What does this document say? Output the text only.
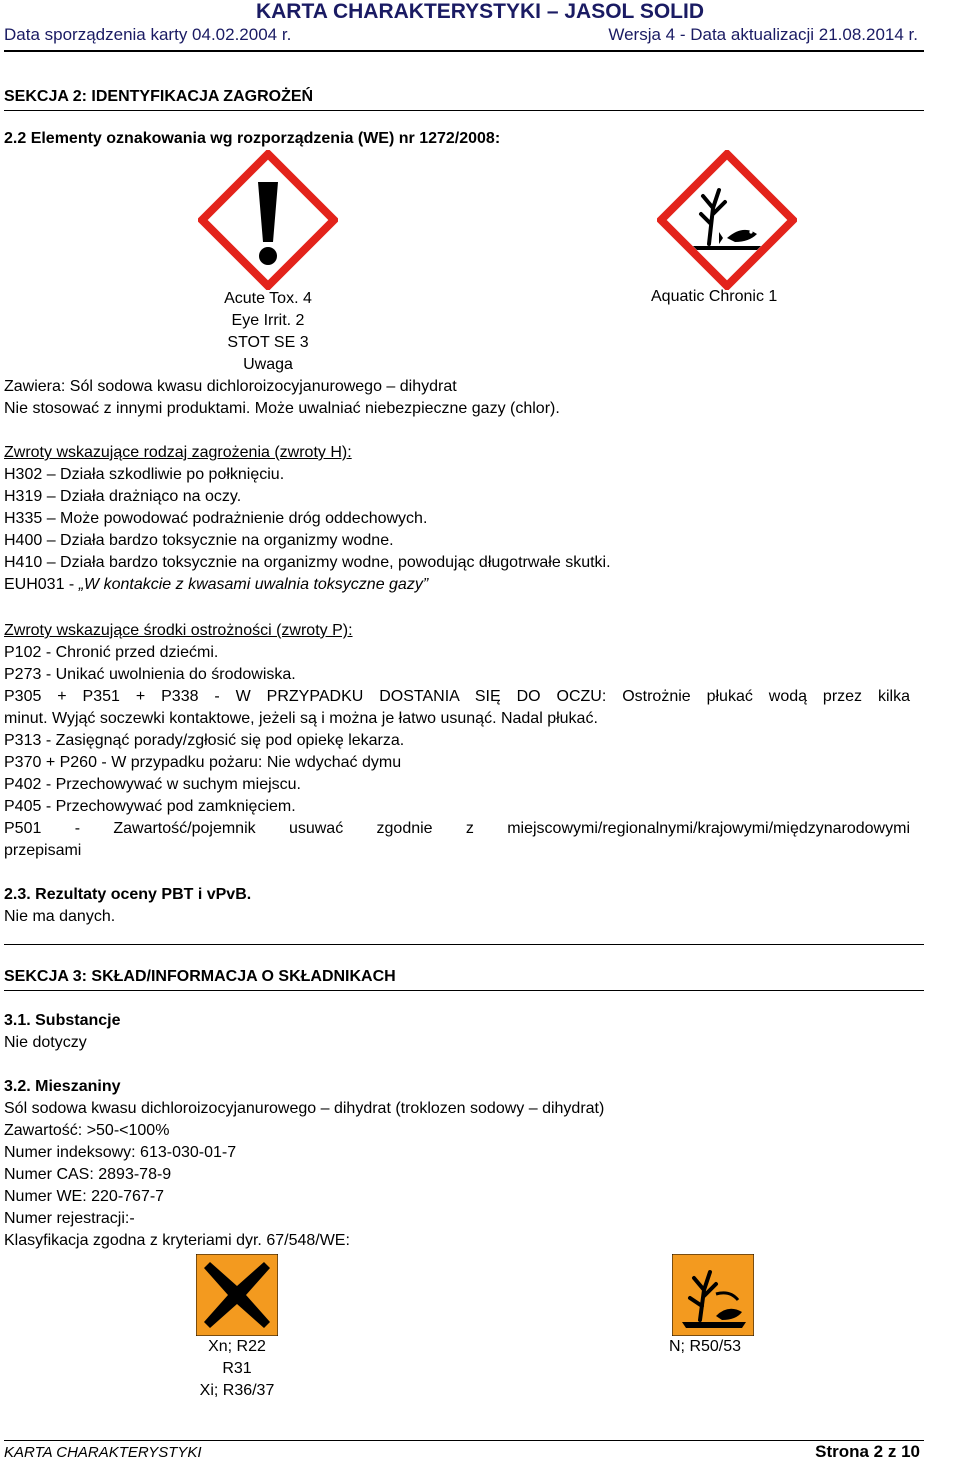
KARTA CHARAKTERYSTYKI – JASOL SOLID
Data sporządzenia karty 04.02.2004 r.	Wersja 4 - Data aktualizacji 21.08.2014 r.
SEKCJA 2: IDENTYFIKACJA ZAGROŻEŃ
2.2 Elementy oznakowania wg rozporządzenia (WE) nr 1272/2008:
Acute Tox. 4	Aquatic Chronic 1
Eye Irrit. 2
STOT SE 3
Uwaga
Zawiera: Sól sodowa kwasu dichloroizocyjanurowego – dihydrat
Nie stosować z innymi produktami. Może uwalniać niebezpieczne gazy (chlor).
Zwroty wskazujące rodzaj zagrożenia (zwroty H):
H302 – Działa szkodliwie po połknięciu.
H319 – Działa drażniąco na oczy.
H335 – Może powodować podrażnienie dróg oddechowych.
H400 – Działa bardzo toksycznie na organizmy wodne.
H410 – Działa bardzo toksycznie na organizmy wodne, powodując długotrwałe skutki.
EUH031 - „W kontakcie z kwasami uwalnia toksyczne gazy”
Zwroty wskazujące środki ostrożności (zwroty P):
P102 - Chronić przed dziećmi.
P273 - Unikać uwolnienia do środowiska.
P305 + P351 + P338 - W PRZYPADKU DOSTANIA SIĘ DO OCZU: Ostrożnie płukać wodą przez kilka
minut. Wyjąć soczewki kontaktowe, jeżeli są i można je łatwo usunąć. Nadal płukać.
P313 - Zasięgnąć porady/zgłosić się pod opiekę lekarza.
P370 + P260 - W przypadku pożaru: Nie wdychać dymu
P402 - Przechowywać w suchym miejscu.
P405 - Przechowywać pod zamknięciem.
P501 - Zawartość/pojemnik usuwać zgodnie z miejscowymi/regionalnymi/krajowymi/międzynarodowymi
przepisami
2.3. Rezultaty oceny PBT i vPvB.
Nie ma danych.
SEKCJA 3: SKŁAD/INFORMACJA O SKŁADNIKACH
3.1. Substancje
Nie dotyczy
3.2. Mieszaniny
Sól sodowa kwasu dichloroizocyjanurowego – dihydrat (troklozen sodowy – dihydrat)
Zawartość: >50-<100%
Numer indeksowy: 613-030-01-7
Numer CAS: 2893-78-9
Numer WE: 220-767-7
Numer rejestracji:-
Klasyfikacja zgodna z kryteriami dyr. 67/548/WE:
Xn; R22
R31
Xi; R36/37
N; R50/53
KARTA CHARAKTERYSTYKI	Strona 2 z 10
